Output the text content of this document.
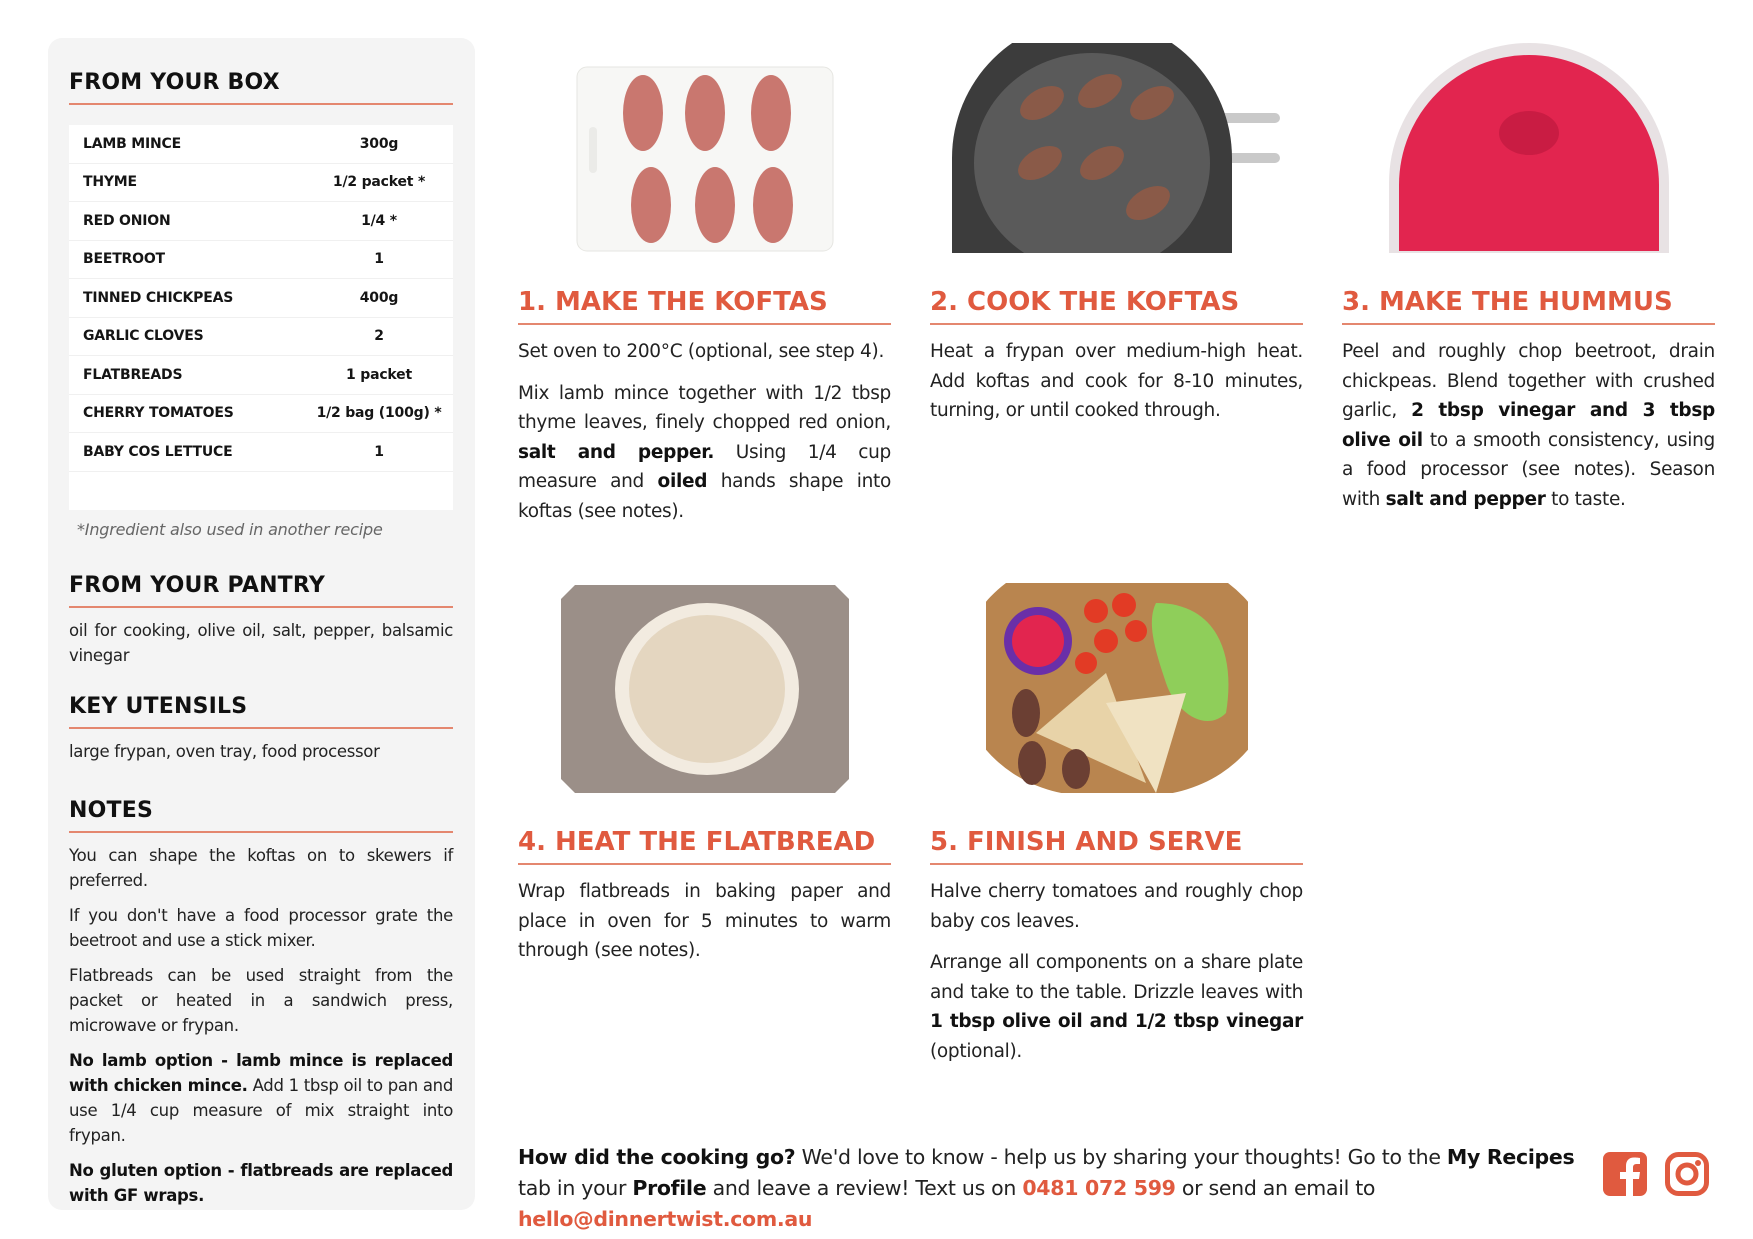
FROM YOUR BOX
LAMB MINCE	300g
THYME	1/2 packet *
RED ONION	1/4 *
BEETROOT	1
TINNED CHICKPEAS	400g
GARLIC CLOVES	2
FLATBREADS	1 packet
CHERRY TOMATOES	1/2 bag (100g) *
BABY COS LETTUCE	1
*Ingredient also used in another recipe
FROM YOUR PANTRY
oil for cooking, olive oil, salt, pepper, balsamic vinegar
KEY UTENSILS
large frypan, oven tray, food processor
NOTES
You can shape the koftas on to skewers if preferred.
If you don't have a food processor grate the beetroot and use a stick mixer.
Flatbreads can be used straight from the packet or heated in a sandwich press, microwave or frypan.
No lamb option - lamb mince is replaced with chicken mince. Add 1 tbsp oil to pan and use 1/4 cup measure of mix straight into frypan.
No gluten option - flatbreads are replaced with GF wraps.
1. MAKE THE KOFTAS
Set oven to 200°C (optional, see step 4).
Mix lamb mince together with 1/2 tbsp thyme leaves, finely chopped red onion, salt and pepper. Using 1/4 cup measure and oiled hands shape into koftas (see notes).
2. COOK THE KOFTAS
Heat a frypan over medium-high heat. Add koftas and cook for 8-10 minutes, turning, or until cooked through.
3. MAKE THE HUMMUS
Peel and roughly chop beetroot, drain chickpeas. Blend together with crushed garlic, 2 tbsp vinegar and 3 tbsp olive oil to a smooth consistency, using a food processor (see notes). Season with salt and pepper to taste.
4. HEAT THE FLATBREAD
Wrap flatbreads in baking paper and place in oven for 5 minutes to warm through (see notes).
5. FINISH AND SERVE
Halve cherry tomatoes and roughly chop baby cos leaves.
Arrange all components on a share plate and take to the table. Drizzle leaves with 1 tbsp olive oil and 1/2 tbsp vinegar (optional).
How did the cooking go? We'd love to know - help us by sharing your thoughts! Go to the My Recipes tab in your Profile and leave a review! Text us on 0481 072 599 or send an email to hello@dinnertwist.com.au
